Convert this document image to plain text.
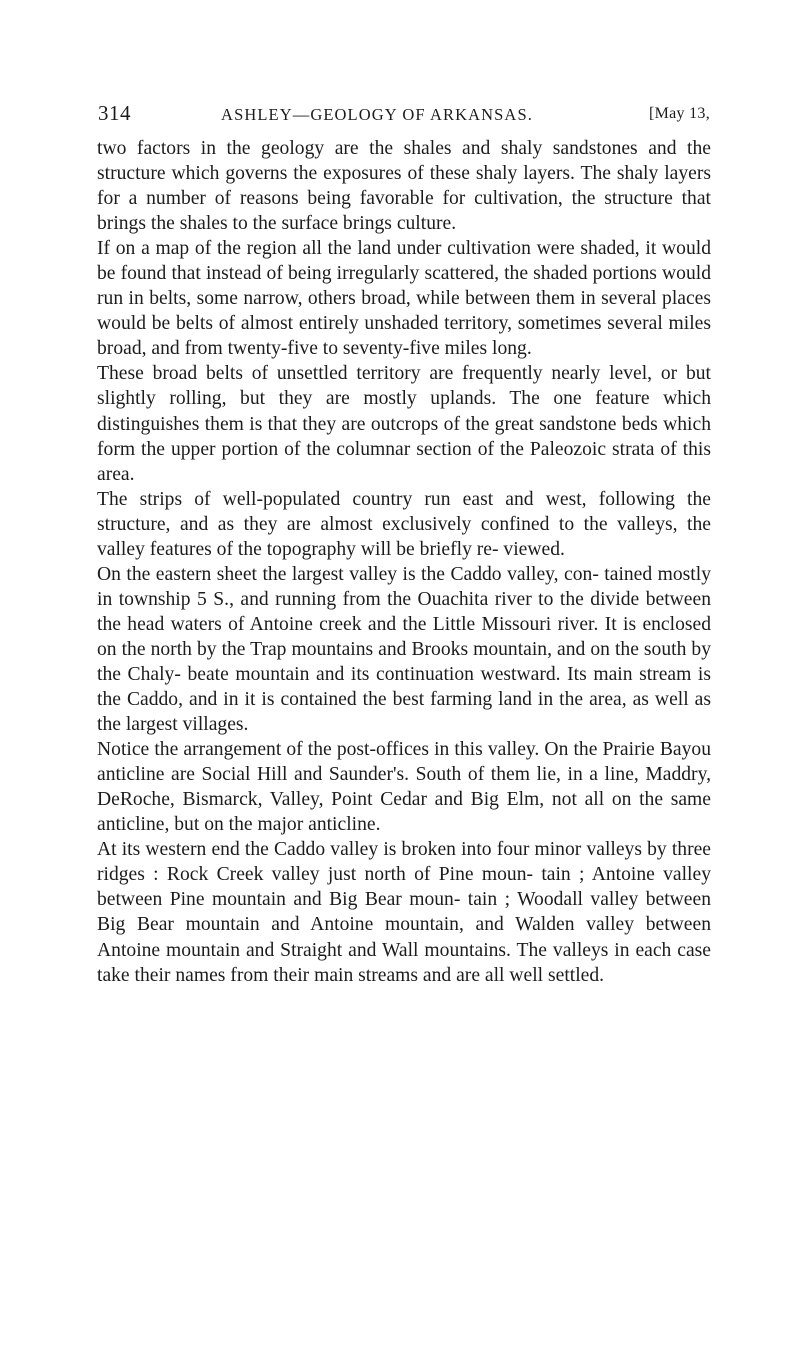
314	ASHLEY—GEOLOGY OF ARKANSAS.	[May 13,

two factors in the geology are the shales and shaly sandstones and the structure which governs the exposures of these shaly layers. The shaly layers for a number of reasons being favorable for cultivation, the structure that brings the shales to the surface brings culture.

If on a map of the region all the land under cultivation were shaded, it would be found that instead of being irregularly scattered, the shaded portions would run in belts, some narrow, others broad, while between them in several places would be belts of almost entirely unshaded territory, sometimes several miles broad, and from twenty-five to seventy-five miles long.

These broad belts of unsettled territory are frequently nearly level, or but slightly rolling, but they are mostly uplands. The one feature which distinguishes them is that they are outcrops of the great sandstone beds which form the upper portion of the columnar section of the Paleozoic strata of this area.

The strips of well-populated country run east and west, following the structure, and as they are almost exclusively confined to the valleys, the valley features of the topography will be briefly re- viewed.

On the eastern sheet the largest valley is the Caddo valley, con- tained mostly in township 5 S., and running from the Ouachita river to the divide between the head waters of Antoine creek and the Little Missouri river. It is enclosed on the north by the Trap mountains and Brooks mountain, and on the south by the Chaly- beate mountain and its continuation westward. Its main stream is the Caddo, and in it is contained the best farming land in the area, as well as the largest villages.

Notice the arrangement of the post-offices in this valley. On the Prairie Bayou anticline are Social Hill and Saunder's. South of them lie, in a line, Maddry, DeRoche, Bismarck, Valley, Point Cedar and Big Elm, not all on the same anticline, but on the major anticline.

At its western end the Caddo valley is broken into four minor valleys by three ridges : Rock Creek valley just north of Pine moun- tain ; Antoine valley between Pine mountain and Big Bear moun- tain ; Woodall valley between Big Bear mountain and Antoine mountain, and Walden valley between Antoine mountain and Straight and Wall mountains. The valleys in each case take their names from their main streams and are all well settled.
